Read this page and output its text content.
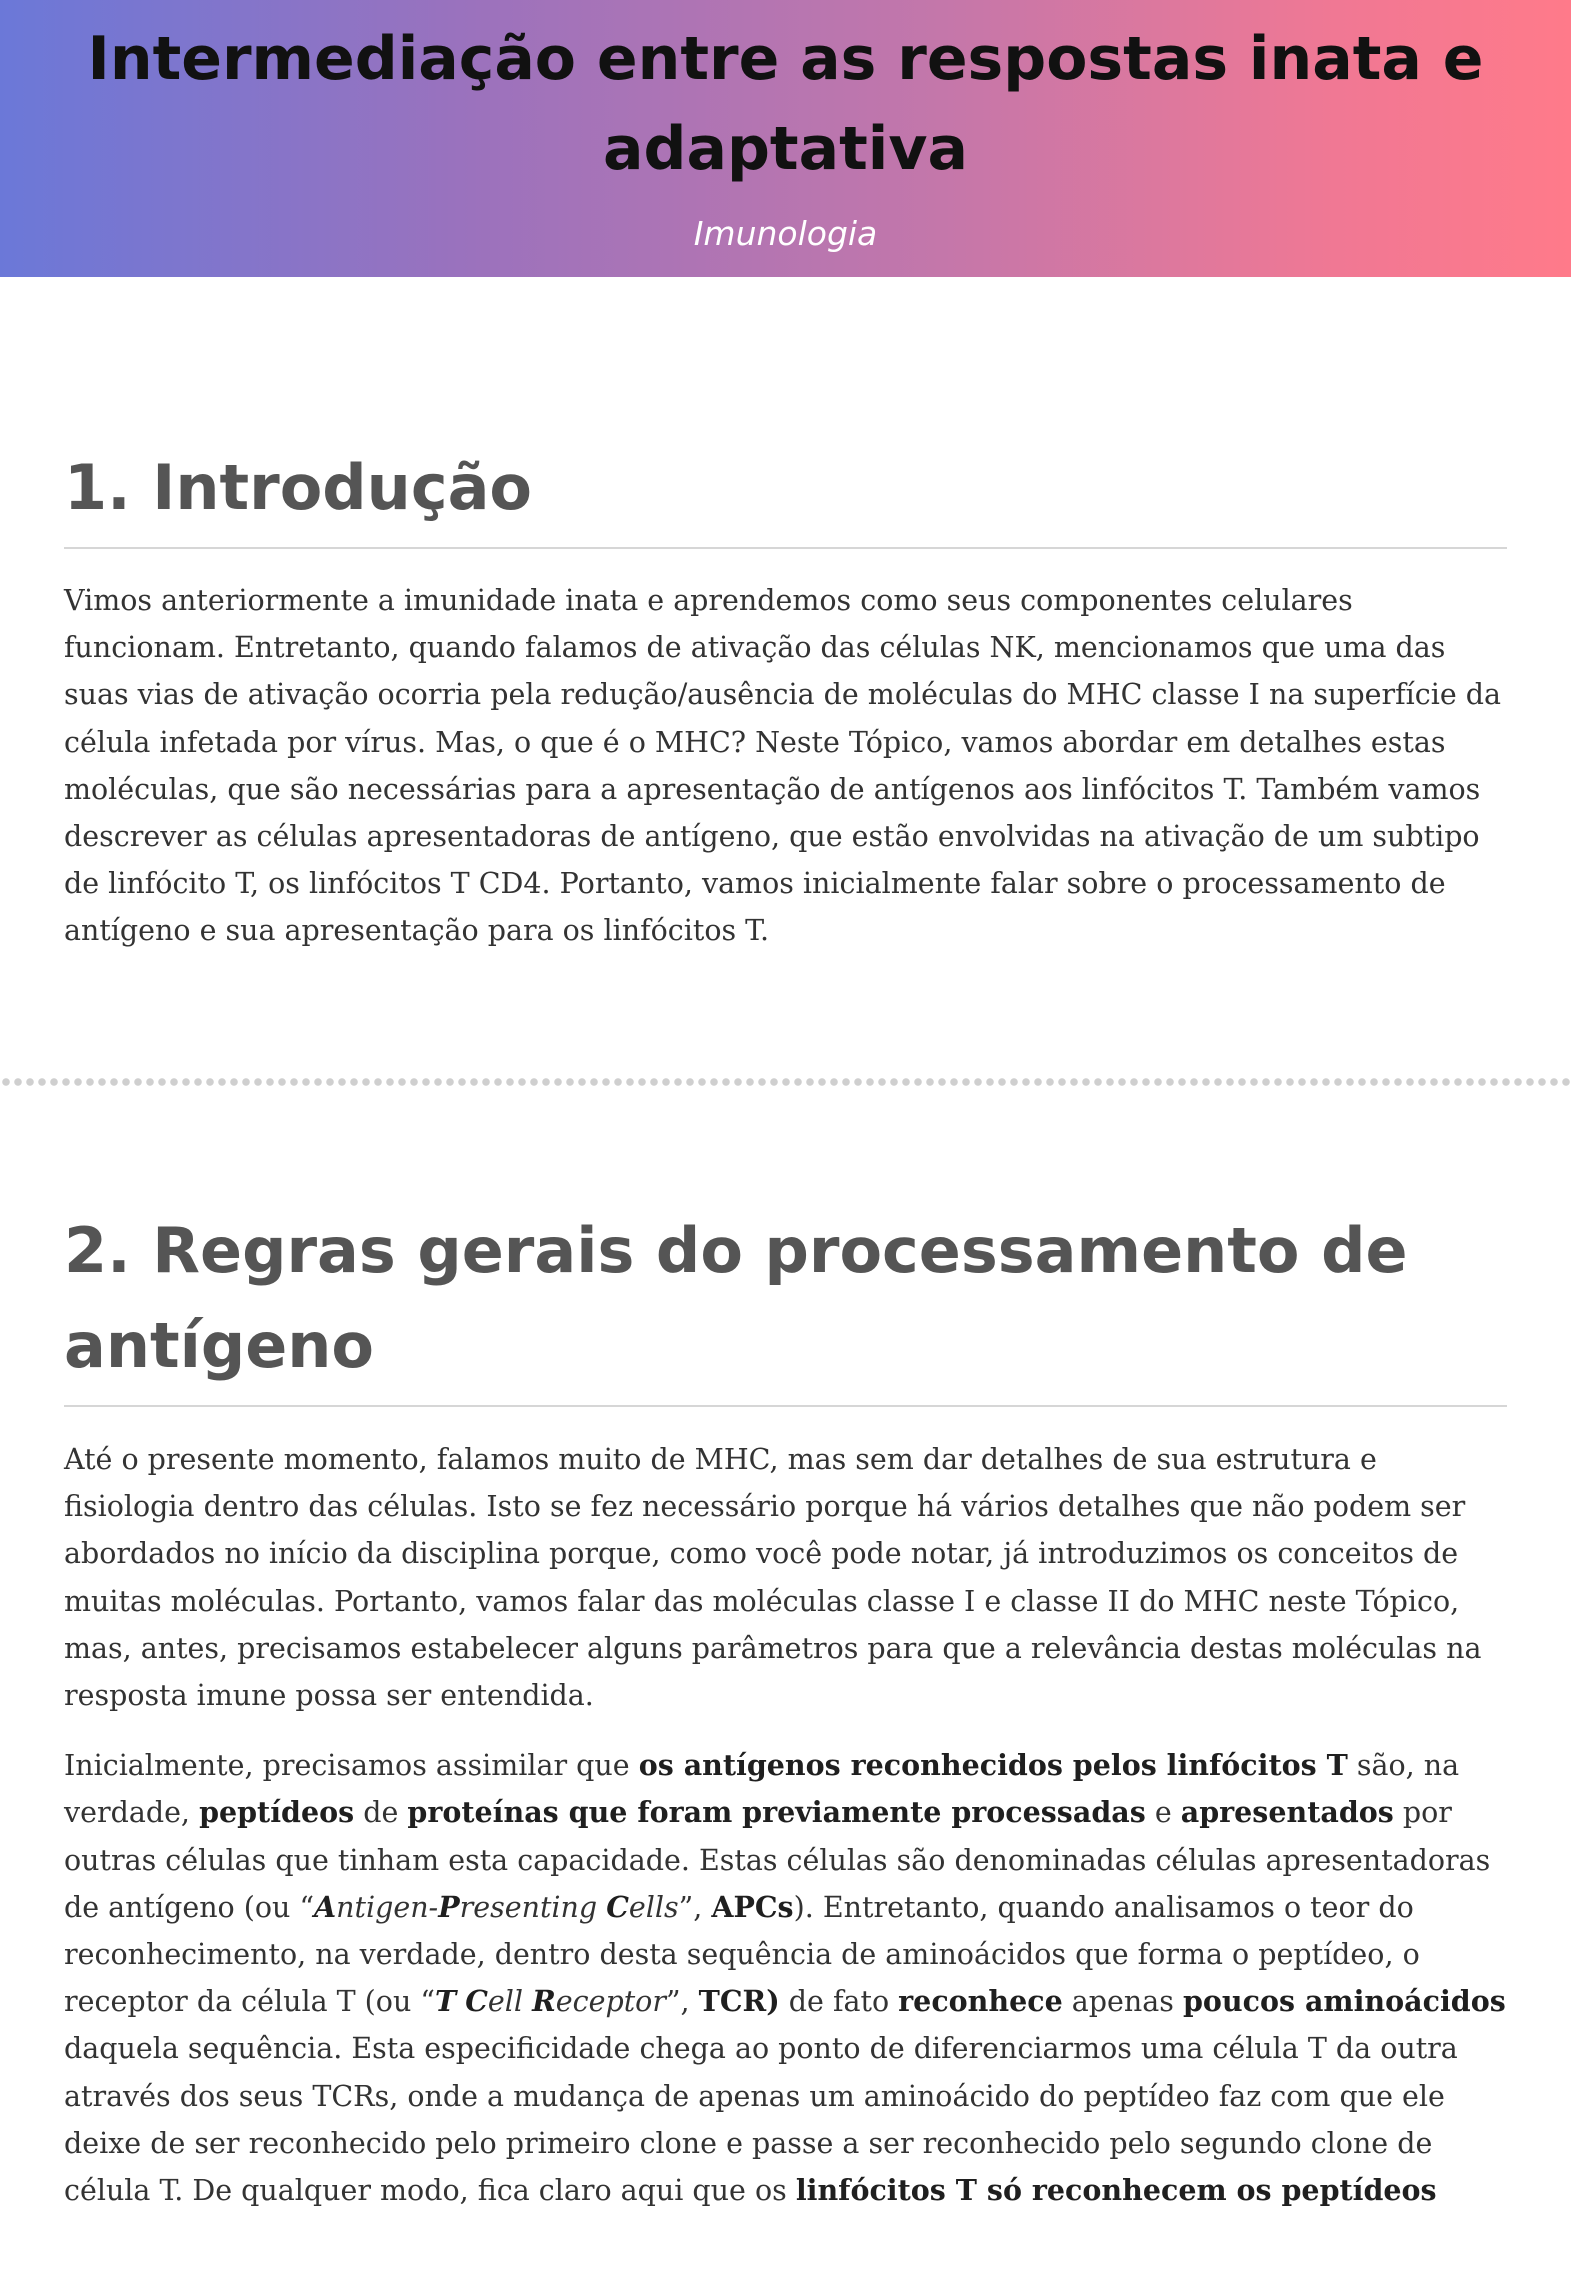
Intermediação entre as respostas inata e adaptativa
Imunologia
1. Introdução

Vimos anteriormente a imunidade inata e aprendemos como seus componentes celulares funcionam. Entretanto, quando falamos de ativação das células NK, mencionamos que uma das suas vias de ativação ocorria pela redução/ausência de moléculas do MHC classe I na superfície da célula infetada por vírus. Mas, o que é o MHC? Neste Tópico, vamos abordar em detalhes estas moléculas, que são necessárias para a apresentação de antígenos aos linfócitos T. Também vamos descrever as células apresentadoras de antígeno, que estão envolvidas na ativação de um subtipo de linfócito T, os linfócitos T CD4. Portanto, vamos inicialmente falar sobre o processamento de antígeno e sua apresentação para os linfócitos T.

2. Regras gerais do processamento de antígeno

Até o presente momento, falamos muito de MHC, mas sem dar detalhes de sua estrutura e fisiologia dentro das células. Isto se fez necessário porque há vários detalhes que não podem ser abordados no início da disciplina porque, como você pode notar, já introduzimos os conceitos de muitas moléculas. Portanto, vamos falar das moléculas classe I e classe II do MHC neste Tópico, mas, antes, precisamos estabelecer alguns parâmetros para que a relevância destas moléculas na resposta imune possa ser entendida.

Inicialmente, precisamos assimilar que os antígenos reconhecidos pelos linfócitos T são, na verdade, peptídeos de proteínas que foram previamente processadas e apresentados por outras células que tinham esta capacidade. Estas células são denominadas células apresentadoras de antígeno (ou “Antigen-Presenting Cells”, APCs). Entretanto, quando analisamos o teor do reconhecimento, na verdade, dentro desta sequência de aminoácidos que forma o peptídeo, o receptor da célula T (ou “T Cell Receptor”, TCR) de fato reconhece apenas poucos aminoácidos daquela sequência. Esta especificidade chega ao ponto de diferenciarmos uma célula T da outra através dos seus TCRs, onde a mudança de apenas um aminoácido do peptídeo faz com que ele deixe de ser reconhecido pelo primeiro clone e passe a ser reconhecido pelo segundo clone de célula T. De qualquer modo, fica claro aqui que os linfócitos T só reconhecem os peptídeos
